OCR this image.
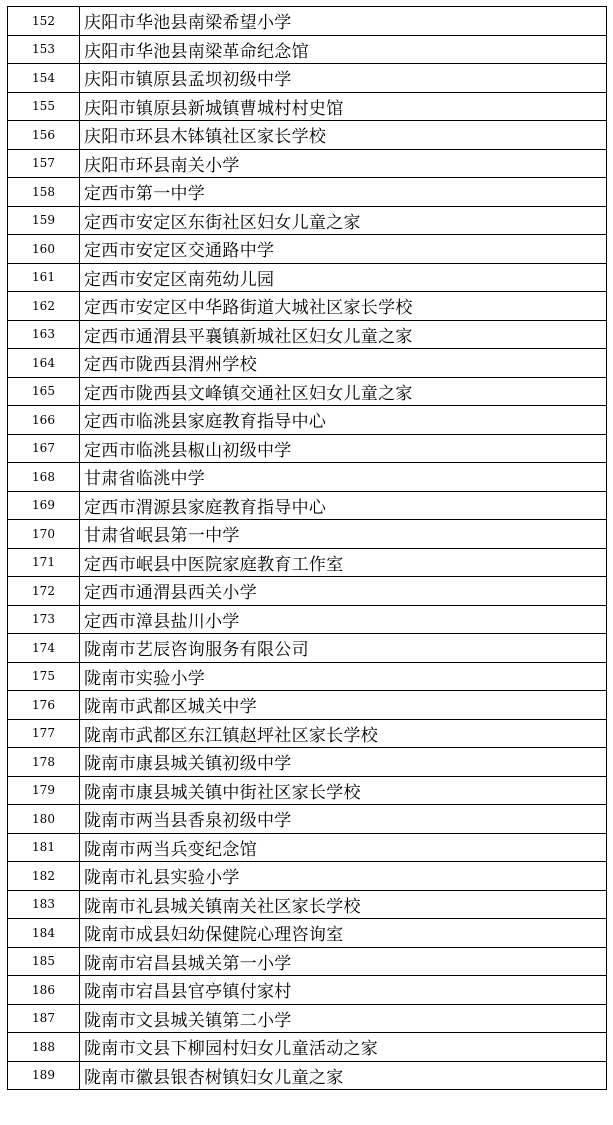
152	庆阳市华池县南梁希望小学
153	庆阳市华池县南梁革命纪念馆
154	庆阳市镇原县孟坝初级中学
155	庆阳市镇原县新城镇曹城村村史馆
156	庆阳市环县木钵镇社区家长学校
157	庆阳市环县南关小学
158	定西市第一中学
159	定西市安定区东街社区妇女儿童之家
160	定西市安定区交通路中学
161	定西市安定区南苑幼儿园
162	定西市安定区中华路街道大城社区家长学校
163	定西市通渭县平襄镇新城社区妇女儿童之家
164	定西市陇西县渭州学校
165	定西市陇西县文峰镇交通社区妇女儿童之家
166	定西市临洮县家庭教育指导中心
167	定西市临洮县椒山初级中学
168	甘肃省临洮中学
169	定西市渭源县家庭教育指导中心
170	甘肃省岷县第一中学
171	定西市岷县中医院家庭教育工作室
172	定西市通渭县西关小学
173	定西市漳县盐川小学
174	陇南市艺辰咨询服务有限公司
175	陇南市实验小学
176	陇南市武都区城关中学
177	陇南市武都区东江镇赵坪社区家长学校
178	陇南市康县城关镇初级中学
179	陇南市康县城关镇中街社区家长学校
180	陇南市两当县香泉初级中学
181	陇南市两当兵变纪念馆
182	陇南市礼县实验小学
183	陇南市礼县城关镇南关社区家长学校
184	陇南市成县妇幼保健院心理咨询室
185	陇南市宕昌县城关第一小学
186	陇南市宕昌县官亭镇付家村
187	陇南市文县城关镇第二小学
188	陇南市文县下柳园村妇女儿童活动之家
189	陇南市徽县银杏树镇妇女儿童之家
